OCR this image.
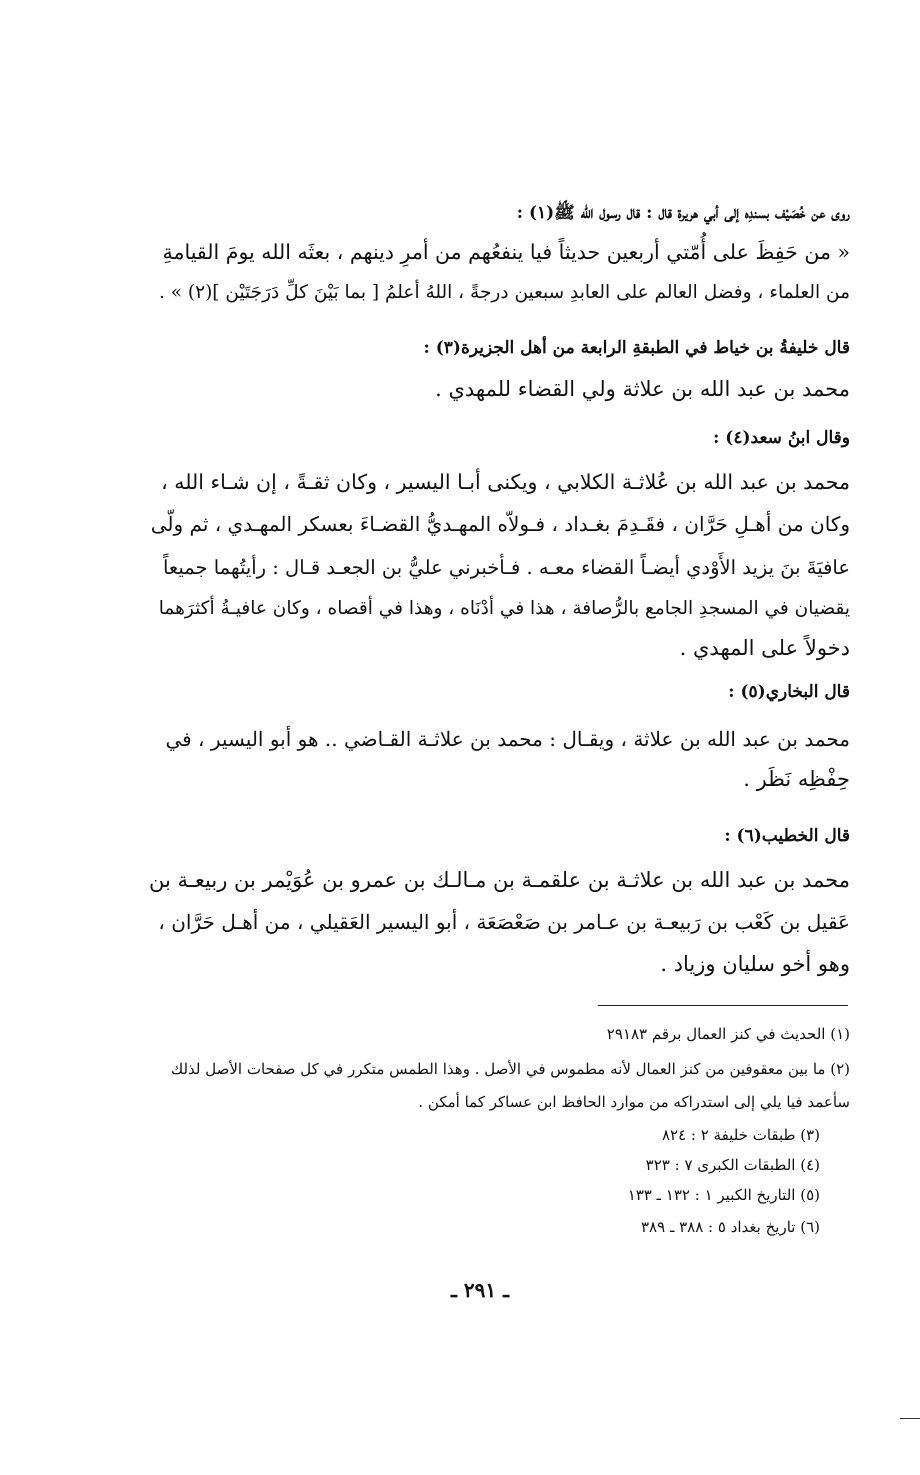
روى عن خُصَيْف بسندِه إلى أبي هريرة قال : قال رسول الله ﷺ(١) :
« من حَفِظَ على أُمّتي أربعين حديثاً فيا ينفعُهم من أمرِ دينهم ، بعثَه الله يومَ القيامةِ
من العلماء ، وفضل العالم على العابدِ سبعين درجةً ، اللهُ أعلمُ [ بما بَيْنَ كلِّ دَرَجَتَيْن ](٢) » .
قال خليفةُ بن خياط في الطبقةِ الرابعة من أهل الجزيرة(٣) :
محمد بن عبد الله بن علاثة ولي القضاء للمهدي .
وقال ابنُ سعد(٤) :
محمد بن عبد الله بن عُلاثـة الكلابي ، ويكنى أبـا اليسير ، وكان ثقـةً ، إن شـاء الله ،
وكان من أهـلِ حَرَّان ، فقَـدِمَ بغـداد ، فـولاّه المهـديُّ القضـاءَ بعسكر المهـدي ، ثم ولّى
عافيَةَ بنَ يزيد الأَوْدي أيضـاً القضاء معـه . فـأخبرني عليُّ بن الجعـد قـال : رأيتُهما جميعاً
يقضيان في المسجدِ الجامع بالرُّصافة ، هذا في أدْنَاه ، وهذا في أقصاه ، وكان عافيـةُ أكثرَهما
دخولاً على المهدي .
قال البخاري(٥) :
محمد بن عبد الله بن علاثة ، ويقـال : محمد بن علاثـة القـاضي .. هو أبو اليسير ، في
حِفْظِه نَظَر .
قال الخطيب(٦) :
محمد بن عبد الله بن علاثـة بن علقمـة بن مـالـك بن عمرو بن عُوَيْمر بن ربيعـة بن
عَقيل بن كَعْب بن رَبيعـة بن عـامر بن صَعْصَعَة ، أبو اليسير العَقيلي ، من أهـل حَرَّان ،
وهو أخو سليان وزياد .
(١) الحديث في كنز العمال برقم ٢٩١٨٣
(٢) ما بين معقوفين من كنز العمال لأنه مطموس في الأصل . وهذا الطمس متكرر في كل صفحات الأصل لذلك
سأعمد فيا يلي إلى استدراكه من موارد الحافظ ابن عساكر كما أمكن .
(٣) طبقات خليفة ٢ : ٨٢٤
(٤) الطبقات الكبرى ٧ : ٣٢٣
(٥) التاريخ الكبير ١ : ١٣٢ ـ ١٣٣
(٦) تاريخ بغداد ٥ : ٣٨٨ ـ ٣٨٩
ـ ٢٩١ ـ
